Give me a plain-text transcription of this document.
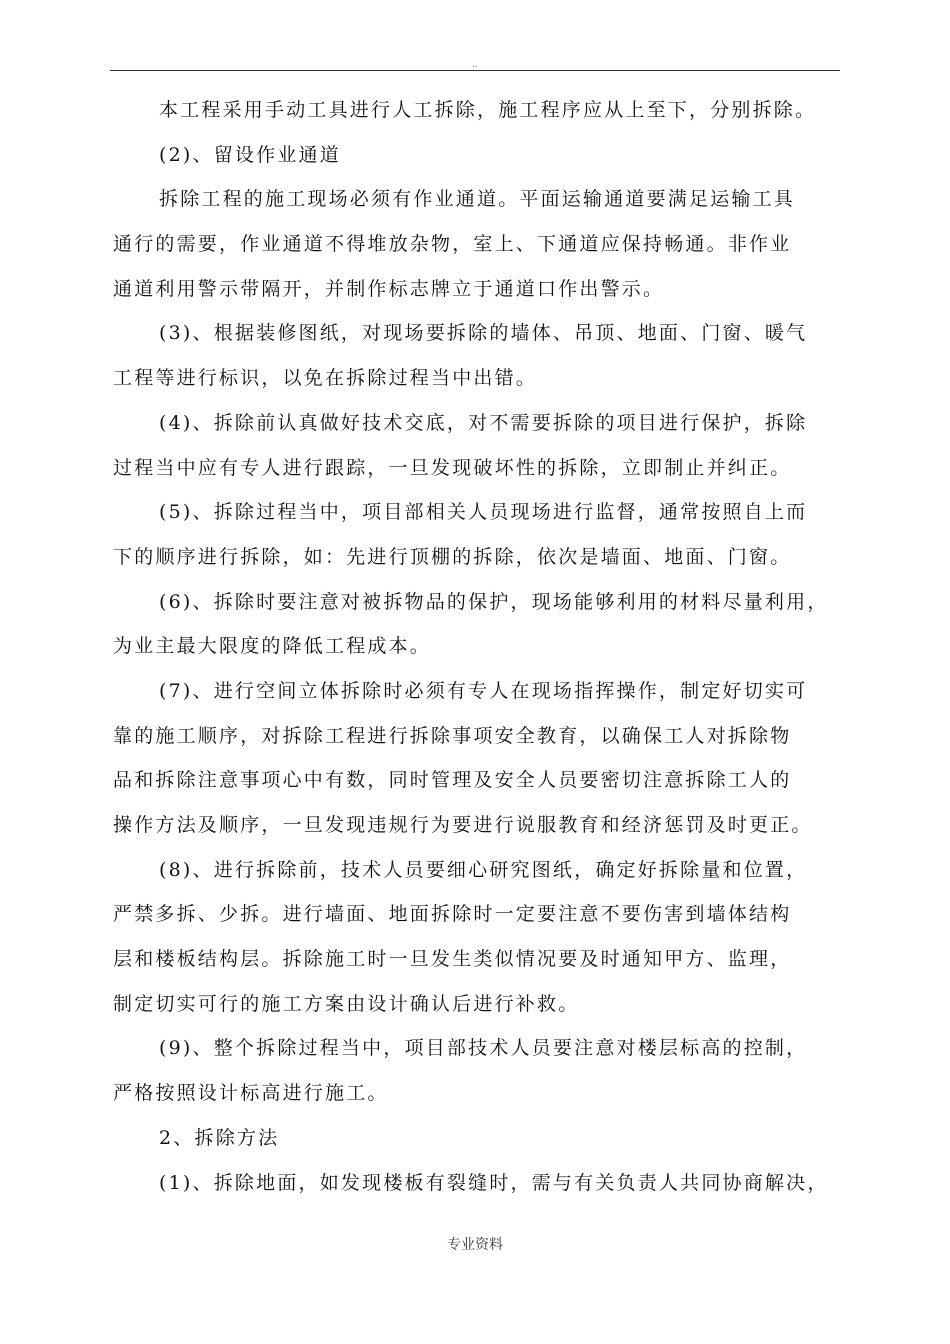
..
本工程采用手动工具进行人工拆除，施工程序应从上至下，分别拆除。
(2)、留设作业通道
拆除工程的施工现场必须有作业通道。平面运输通道要满足运输工具
通行的需要，作业通道不得堆放杂物，室上、下通道应保持畅通。非作业
通道利用警示带隔开，并制作标志牌立于通道口作出警示。
(3)、根据装修图纸，对现场要拆除的墙体、吊顶、地面、门窗、暖气
工程等进行标识，以免在拆除过程当中出错。
(4)、拆除前认真做好技术交底，对不需要拆除的项目进行保护，拆除
过程当中应有专人进行跟踪，一旦发现破坏性的拆除，立即制止并纠正。
(5)、拆除过程当中，项目部相关人员现场进行监督，通常按照自上而
下的顺序进行拆除，如：先进行顶棚的拆除，依次是墙面、地面、门窗。
(6)、拆除时要注意对被拆物品的保护，现场能够利用的材料尽量利用，
为业主最大限度的降低工程成本。
(7)、进行空间立体拆除时必须有专人在现场指挥操作，制定好切实可
靠的施工顺序，对拆除工程进行拆除事项安全教育，以确保工人对拆除物
品和拆除注意事项心中有数，同时管理及安全人员要密切注意拆除工人的
操作方法及顺序，一旦发现违规行为要进行说服教育和经济惩罚及时更正。
(8)、进行拆除前，技术人员要细心研究图纸，确定好拆除量和位置，
严禁多拆、少拆。进行墙面、地面拆除时一定要注意不要伤害到墙体结构
层和楼板结构层。拆除施工时一旦发生类似情况要及时通知甲方、监理，
制定切实可行的施工方案由设计确认后进行补救。
(9)、整个拆除过程当中，项目部技术人员要注意对楼层标高的控制，
严格按照设计标高进行施工。
2、拆除方法
(1)、拆除地面，如发现楼板有裂缝时，需与有关负责人共同协商解决，
专业资料
